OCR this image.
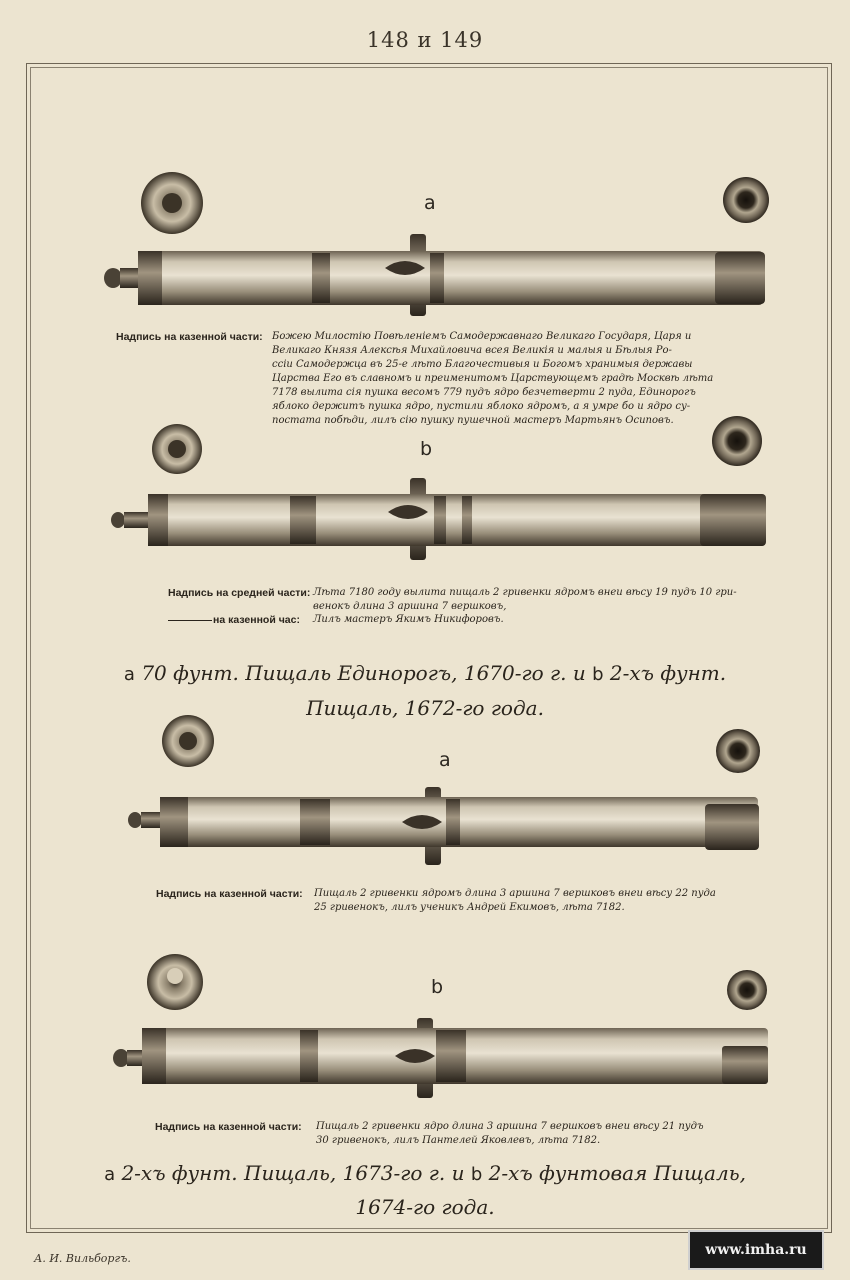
148 и 149
a
b
a
b
Надпись на казенной части: Божею Милостію Повѣленіемъ Самодержавнаго Великаго Государя, Царя и
Великаго Князя Алексѣя Михайловича всея Великія и малыя и Бѣлыя Ро-
ссіи Самодержца въ 25-е лѣто Благочестивыя и Богомъ хранимыя державы
Царства Его въ славномъ и преименитомъ Царствующемъ градѣ Москвѣ лѣта
7178 вылита сія пушка весомъ 779 пудъ ядро безчетверти 2 пуда, Единорогъ
яблоко держитъ пушка ядро, пустили яблоко ядромъ, а я умре бо и ядро су-
постата побѣди, лилъ сію пушку пушечной мастеръ Мартьянъ Осиповъ.
Надпись на средней части: Лѣта 7180 году вылита пищаль 2 гривенки ядромъ внеи вѣсу 19 пудъ 10 гри-
венокъ длина 3 аршина 7 вершковъ,
на казенной час: Лилъ мастеръ Якимъ Никифоровъ.
a 70 фунт. Пищаль Единорогъ, 1670-го г. и b 2-хъ фунт.
Пищаль, 1672-го года.
Надпись на казенной части: Пищаль 2 гривенки ядромъ длина 3 аршина 7 вершковъ внеи вѣсу 22 пуда
25 гривенокъ, лилъ ученикъ Андрей Екимовъ, лѣта 7182.
Надпись на казенной части: Пищаль 2 гривенки ядро длина 3 аршина 7 вершковъ внеи вѣсу 21 пудъ
30 гривенокъ, лилъ Пантелей Яковлевъ, лѣта 7182.
a 2-хъ фунт. Пищаль, 1673-го г. и b 2-хъ фунтовая Пищаль,
1674-го года.
А. И. Вильборгъ.
www.imha.ru
